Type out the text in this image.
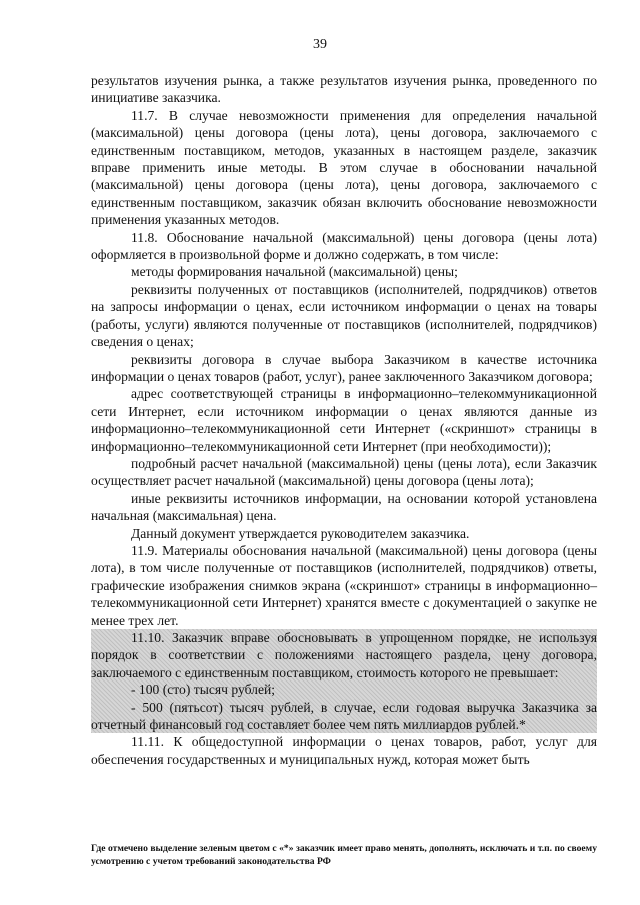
39

результатов изучения рынка, а также результатов изучения рынка, проведенного по инициативе заказчика.

11.7. В случае невозможности применения для определения начальной (максимальной) цены договора (цены лота), цены договора, заключаемого с единственным поставщиком, методов, указанных в настоящем разделе, заказчик вправе применить иные методы. В этом случае в обосновании начальной (максимальной) цены договора (цены лота), цены договора, заключаемого с единственным поставщиком, заказчик обязан включить обоснование невозможности применения указанных методов.

11.8. Обоснование начальной (максимальной) цены договора (цены лота) оформляется в произвольной форме и должно содержать, в том числе:

методы формирования начальной (максимальной) цены;

реквизиты полученных от поставщиков (исполнителей, подрядчиков) ответов на запросы информации о ценах, если источником информации о ценах на товары (работы, услуги) являются полученные от поставщиков (исполнителей, подрядчиков) сведения о ценах;

реквизиты договора в случае выбора Заказчиком в качестве источника информации о ценах товаров (работ, услуг), ранее заключенного Заказчиком договора;

адрес соответствующей страницы в информационно–телекоммуникационной сети Интернет, если источником информации о ценах являются данные из информационно–телекоммуникационной сети Интернет («скриншот» страницы в информационно–телекоммуникационной сети Интернет (при необходимости));

подробный расчет начальной (максимальной) цены (цены лота), если Заказчик осуществляет расчет начальной (максимальной) цены договора (цены лота);

иные реквизиты источников информации, на основании которой установлена начальная (максимальная) цена.

Данный документ утверждается руководителем заказчика.

11.9. Материалы обоснования начальной (максимальной) цены договора (цены лота), в том числе полученные от поставщиков (исполнителей, подрядчиков) ответы, графические изображения снимков экрана («скриншот» страницы в информационно–телекоммуникационной сети Интернет) хранятся вместе с документацией о закупке не менее трех лет.

11.10. Заказчик вправе обосновывать в упрощенном порядке, не используя порядок в соответствии с положениями настоящего раздела, цену договора, заключаемого с единственным поставщиком, стоимость которого не превышает:

- 100 (сто) тысяч рублей;

- 500 (пятьсот) тысяч рублей, в случае, если годовая выручка Заказчика за отчетный финансовый год составляет более чем пять миллиардов рублей.*

11.11. К общедоступной информации о ценах товаров, работ, услуг для обеспечения государственных и муниципальных нужд, которая может быть

Где отмечено выделение зеленым цветом с «*» заказчик имеет право менять, дополнять, исключать и т.п. по своему усмотрению с учетом требований законодательства РФ
